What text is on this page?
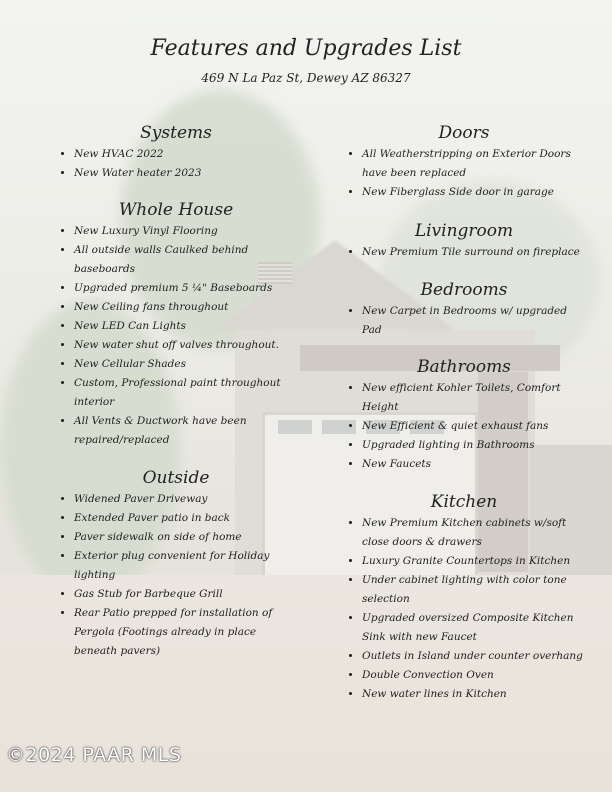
Features and Upgrades List

469 N La Paz St, Dewey AZ 86327

Systems
• New HVAC 2022
• New Water heater 2023
Whole House
• New Luxury Vinyl Flooring
• All outside walls Caulked behind baseboards
• Upgraded premium 5 ¼" Baseboards
• New Ceiling fans throughout
• New LED Can Lights
• New water shut off valves throughout.
• New Cellular Shades
• Custom, Professional paint throughout interior
• All Vents & Ductwork have been repaired/replaced
Outside
• Widened Paver Driveway
• Extended Paver patio in back
• Paver sidewalk on side of home
• Exterior plug convenient for Holiday lighting
• Gas Stub for Barbeque Grill
• Rear Patio prepped for installation of Pergola (Footings already in place beneath pavers)
Doors
• All Weatherstripping on Exterior Doors have been replaced
• New Fiberglass Side door in garage
Livingroom
• New Premium Tile surround on fireplace
Bedrooms
• New Carpet in Bedrooms w/ upgraded Pad
Bathrooms
• New efficient Kohler Toilets, Comfort Height
• New Efficient & quiet exhaust fans
• Upgraded lighting in Bathrooms
• New Faucets
Kitchen
• New Premium Kitchen cabinets w/soft close doors & drawers
• Luxury Granite Countertops in Kitchen
• Under cabinet lighting with color tone selection
• Upgraded oversized Composite Kitchen Sink with new Faucet
• Outlets in Island under counter overhang
• Double Convection Oven
• New water lines in Kitchen
©2024 PAAR MLS
